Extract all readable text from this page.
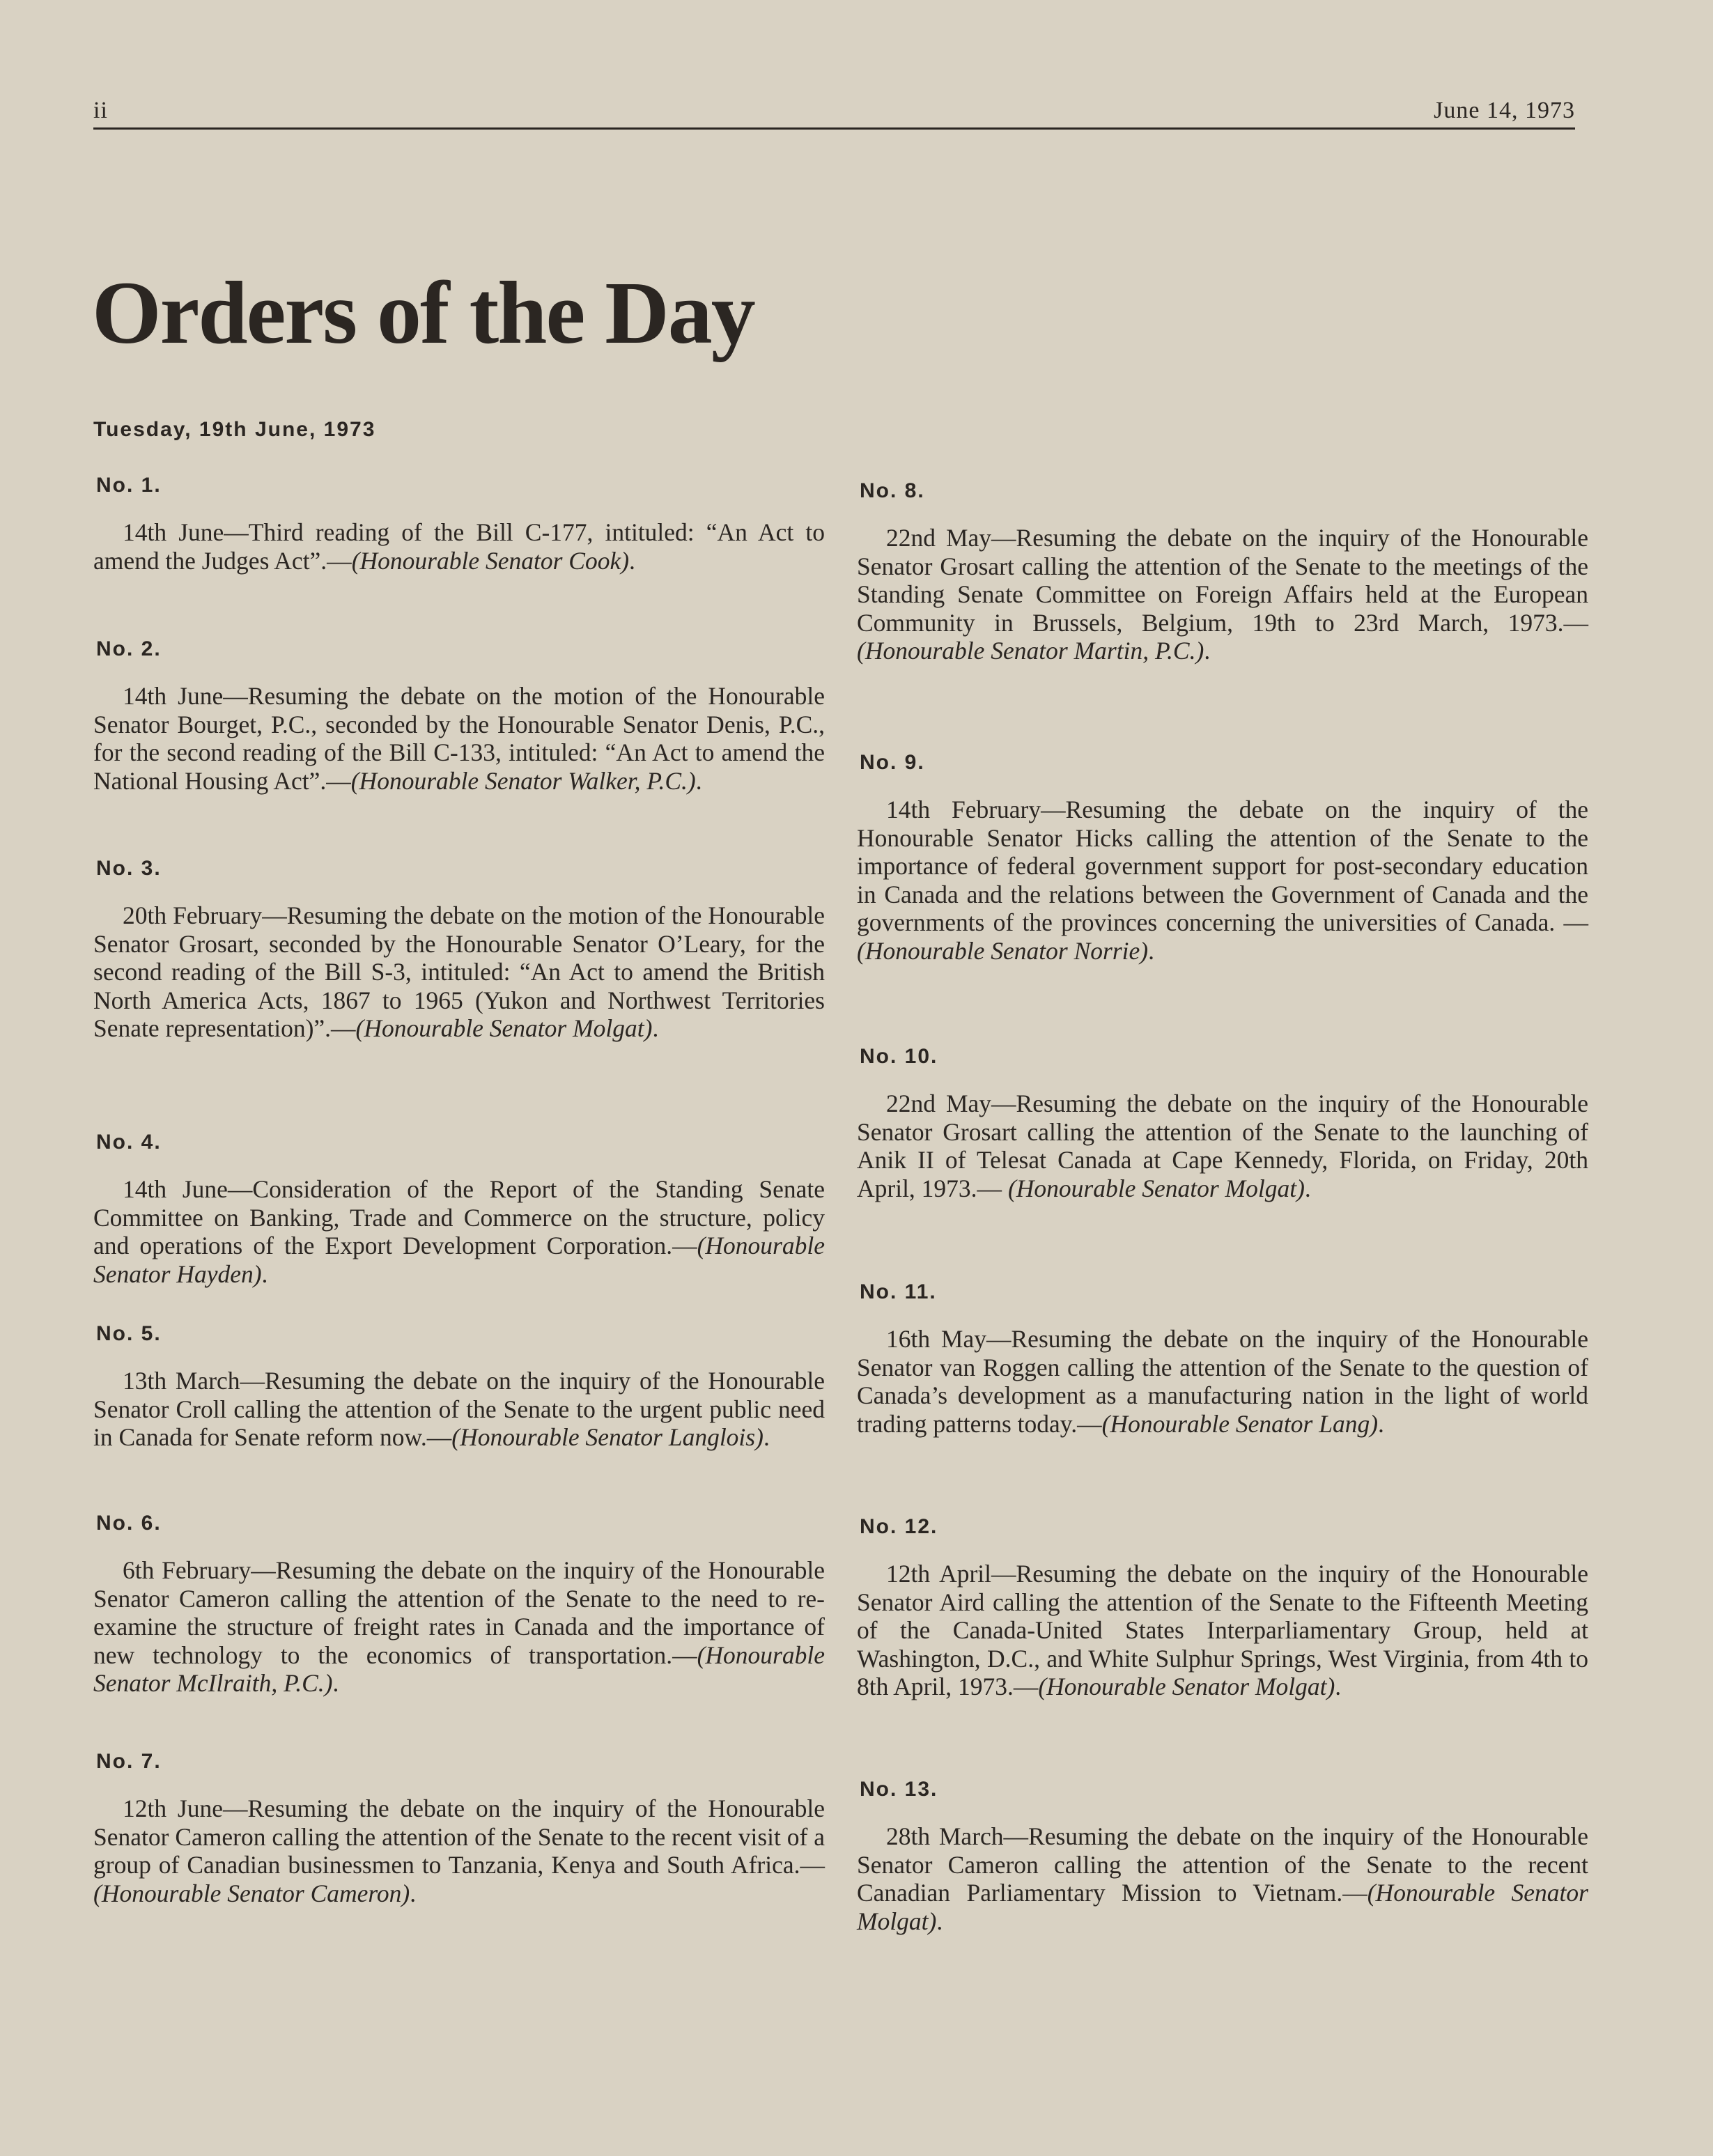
ii	June 14, 1973
Orders of the Day
Tuesday, 19th June, 1973

No. 1.

14th June—Third reading of the Bill C-177, intituled: “An Act to amend the Judges Act”.—(Honourable Senator Cook).

No. 2.

14th June—Resuming the debate on the motion of the Honourable Senator Bourget, P.C., seconded by the Honourable Senator Denis, P.C., for the second reading of the Bill C-133, intituled: “An Act to amend the National Housing Act”.—(Honourable Senator Walker, P.C.).

No. 3.

20th February—Resuming the debate on the motion of the Honourable Senator Grosart, seconded by the Honourable Senator O’Leary, for the second reading of the Bill S-3, intituled: “An Act to amend the British North America Acts, 1867 to 1965 (Yukon and Northwest Territories Senate representation)”.—(Honourable Senator Molgat).

No. 4.

14th June—Consideration of the Report of the Standing Senate Committee on Banking, Trade and Commerce on the structure, policy and operations of the Export Development Corporation.—(Honourable Senator Hayden).

No. 5.

13th March—Resuming the debate on the inquiry of the Honourable Senator Croll calling the attention of the Senate to the urgent public need in Canada for Senate reform now.—(Honourable Senator Langlois).

No. 6.

6th February—Resuming the debate on the inquiry of the Honourable Senator Cameron calling the attention of the Senate to the need to re-examine the structure of freight rates in Canada and the importance of new technology to the economics of transportation.—(Honourable Senator McIlraith, P.C.).

No. 7.

12th June—Resuming the debate on the inquiry of the Honourable Senator Cameron calling the attention of the Senate to the recent visit of a group of Canadian businessmen to Tanzania, Kenya and South Africa.—(Honourable Senator Cameron).

No. 8.

22nd May—Resuming the debate on the inquiry of the Honourable Senator Grosart calling the attention of the Senate to the meetings of the Standing Senate Committee on Foreign Affairs held at the European Community in Brussels, Belgium, 19th to 23rd March, 1973.—(Honourable Senator Martin, P.C.).

No. 9.

14th February—Resuming the debate on the inquiry of the Honourable Senator Hicks calling the attention of the Senate to the importance of federal government support for post-secondary education in Canada and the relations between the Government of Canada and the governments of the provinces concerning the universities of Canada. —(Honourable Senator Norrie).

No. 10.

22nd May—Resuming the debate on the inquiry of the Honourable Senator Grosart calling the attention of the Senate to the launching of Anik II of Telesat Canada at Cape Kennedy, Florida, on Friday, 20th April, 1973.— (Honourable Senator Molgat).

No. 11.

16th May—Resuming the debate on the inquiry of the Honourable Senator van Roggen calling the attention of the Senate to the question of Canada’s development as a manufacturing nation in the light of world trading patterns today.—(Honourable Senator Lang).

No. 12.

12th April—Resuming the debate on the inquiry of the Honourable Senator Aird calling the attention of the Senate to the Fifteenth Meeting of the Canada-United States Interparliamentary Group, held at Washington, D.C., and White Sulphur Springs, West Virginia, from 4th to 8th April, 1973.—(Honourable Senator Molgat).

No. 13.

28th March—Resuming the debate on the inquiry of the Honourable Senator Cameron calling the attention of the Senate to the recent Canadian Parliamentary Mission to Vietnam.—(Honourable Senator Molgat).
